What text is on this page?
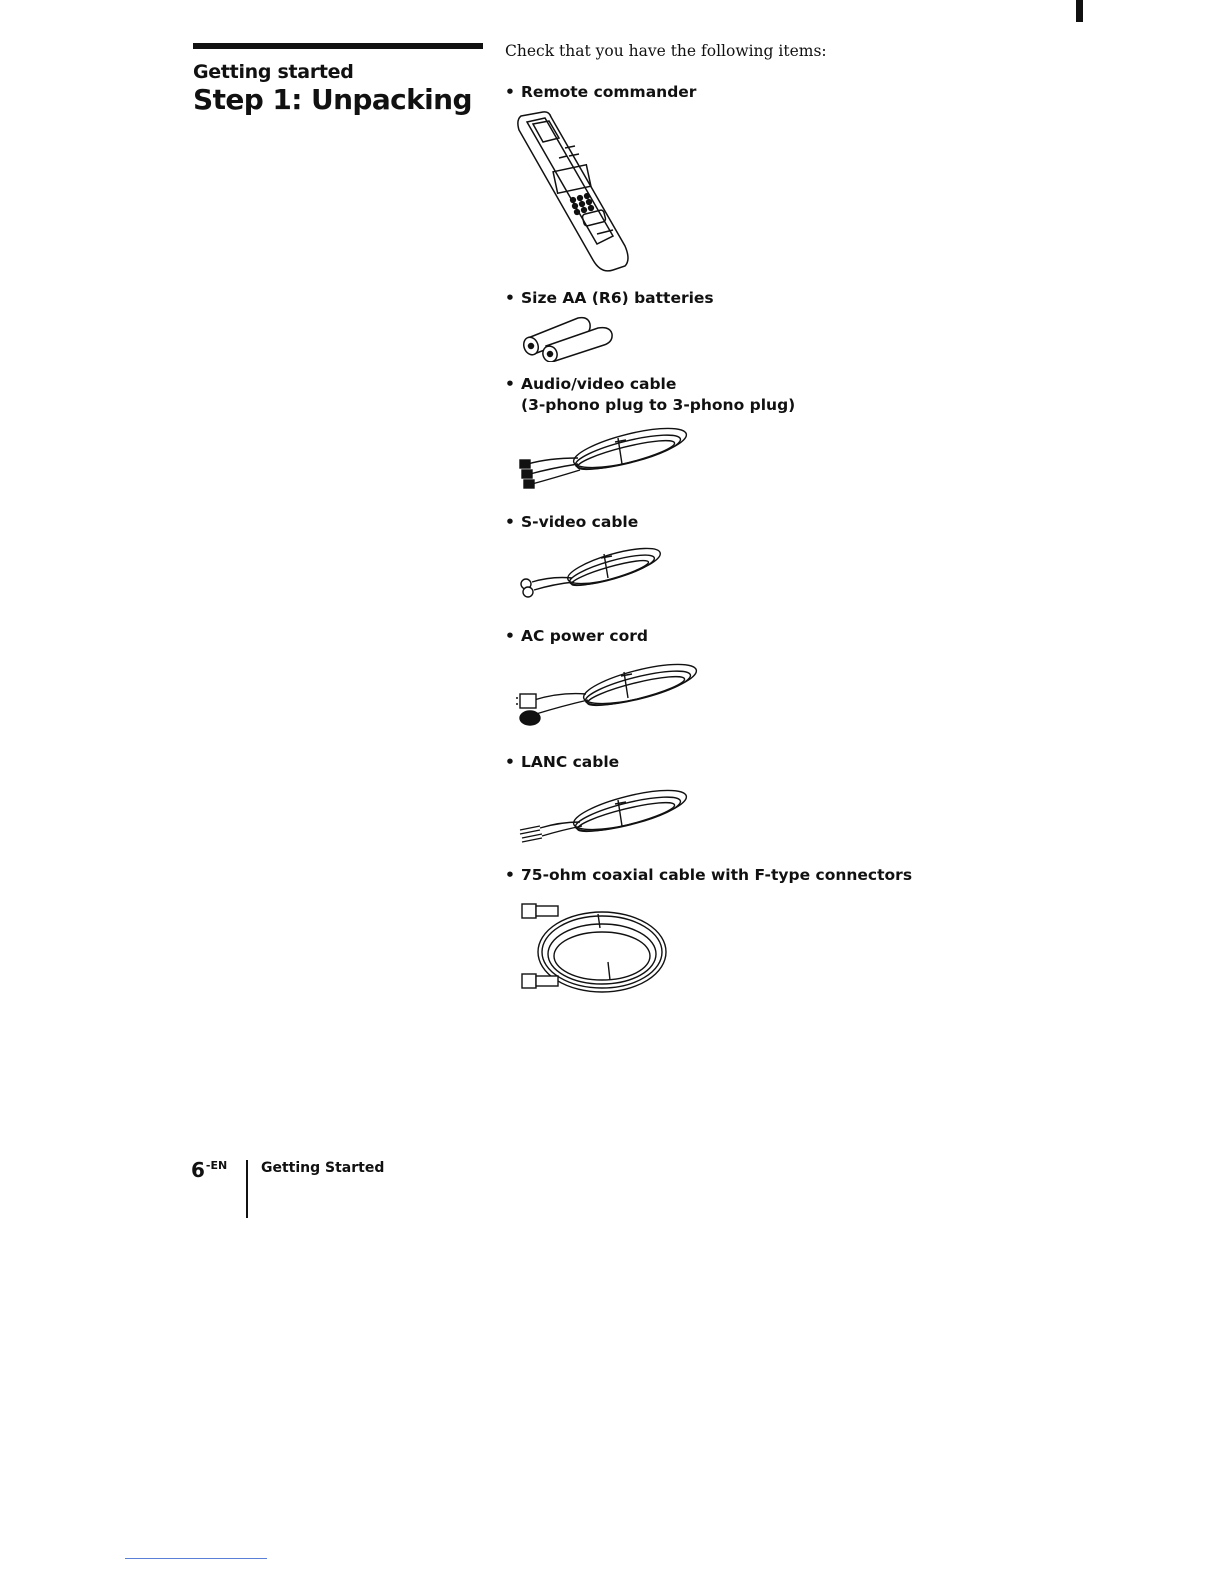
Getting started
Step 1: Unpacking
Check that you have the following items:
• Remote commander
• Size AA (R6) batteries
• Audio/video cable
(3-phono plug to 3-phono plug)
• S-video cable
• AC power cord
• LANC cable
• 75-ohm coaxial cable with F-type connectors
$6^{-EN}$ Getting Started
